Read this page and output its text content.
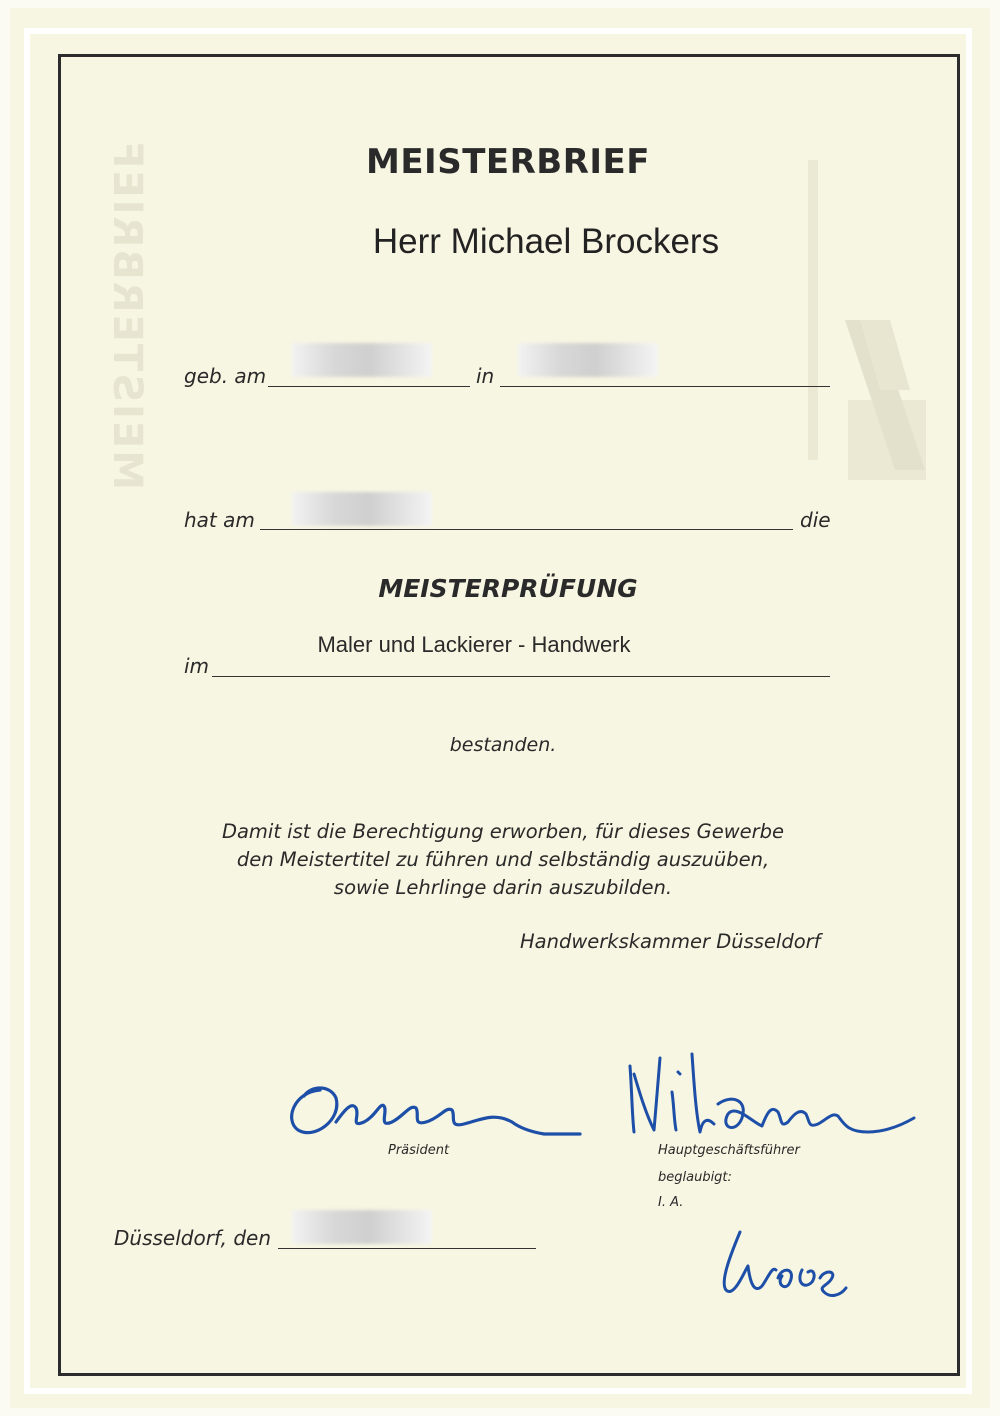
MEISTERBRIEF	MEISTERBRIEF
Herr Michael Brockers
geb. am	in
hat am	die
MEISTERPRÜFUNG
im
Maler und Lackierer - Handwerk
bestanden.
Damit ist die Berechtigung erworben, für dieses Gewerbe
den Meistertitel zu führen und selbständig auszuüben,
sowie Lehrlinge darin auszubilden.
Handwerkskammer Düsseldorf
Präsident	Hauptgeschäftsführer
beglaubigt:
I. A.
Düsseldorf, den
